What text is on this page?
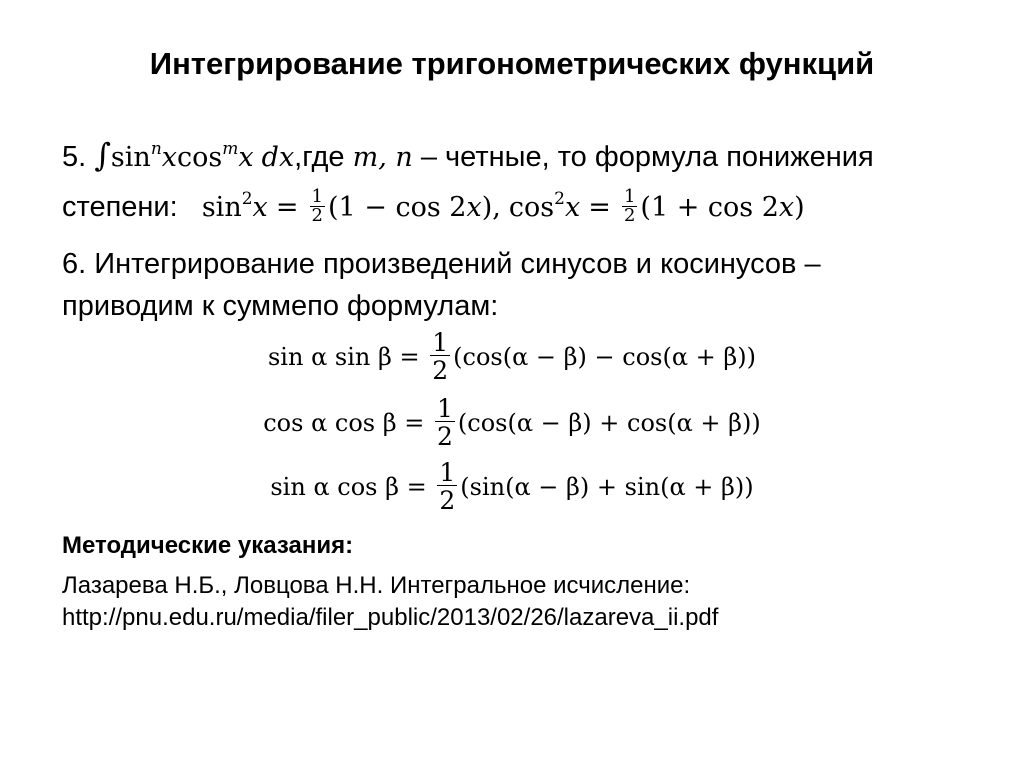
Интегрирование тригонометрических функций
5. $\int\sin^nxcos^mx$ dx,где m, n – четные, то формула понижения
степени: $\sin^2x = \frac{1}{2} (1 - \cos 2x)$, $\cos^2x = \frac{1}{2} (1 + \cos 2x)$
6. Интегрирование произведений синусов и косинусов –
приводим к суммепо формулам:
sin α $\sin \beta = \frac{1}{2} (\cos(\alpha - \beta) - \cos(\alpha + \beta))$
cos α $\cos \beta = \frac{1}{2} (\cos(\alpha - \beta) + \cos(\alpha + \beta))$
sin α $\cos \beta = \frac{1}{2} (\sin(\alpha - \beta) + \sin(\alpha + \beta))$
Методические указания:
Лазарева Н.Б., Ловцова Н.Н. Интегральное исчисление:
http://pnu.edu.ru/media/filer_public/2013/02/26/lazareva_ii.pdf
